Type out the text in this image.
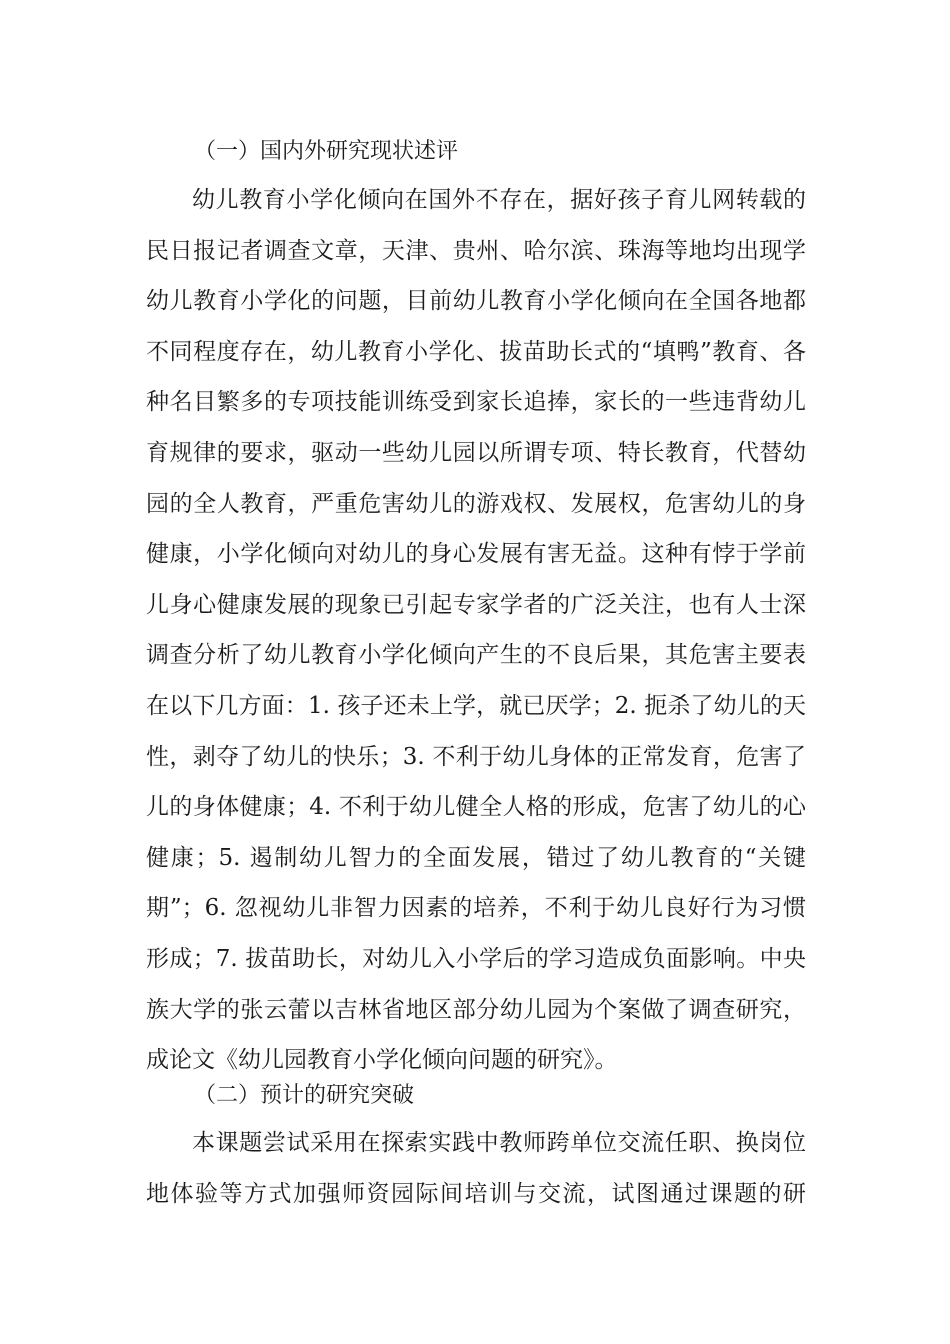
（一）国内外研究现状述评
幼儿教育小学化倾向在国外不存在，据好孩子育儿网转载的
民日报记者调查文章，天津、贵州、哈尔滨、珠海等地均出现学
幼儿教育小学化的问题，目前幼儿教育小学化倾向在全国各地都
不同程度存在，幼儿教育小学化、拔苗助长式的“填鸭”教育、各
种名目繁多的专项技能训练受到家长追捧，家长的一些违背幼儿
育规律的要求，驱动一些幼儿园以所谓专项、特长教育，代替幼
园的全人教育，严重危害幼儿的游戏权、发展权，危害幼儿的身
健康，小学化倾向对幼儿的身心发展有害无益。这种有悖于学前
儿身心健康发展的现象已引起专家学者的广泛关注，也有人士深
调查分析了幼儿教育小学化倾向产生的不良后果，其危害主要表
在以下几方面：1. 孩子还未上学，就已厌学；2. 扼杀了幼儿的天
性，剥夺了幼儿的快乐；3. 不利于幼儿身体的正常发育，危害了
儿的身体健康；4. 不利于幼儿健全人格的形成，危害了幼儿的心
健康；5. 遏制幼儿智力的全面发展，错过了幼儿教育的“关键
期”；6. 忽视幼儿非智力因素的培养，不利于幼儿良好行为习惯
形成；7. 拔苗助长，对幼儿入小学后的学习造成负面影响。中央
族大学的张云蕾以吉林省地区部分幼儿园为个案做了调查研究，
成论文《幼儿园教育小学化倾向问题的研究》。
（二）预计的研究突破
本课题尝试采用在探索实践中教师跨单位交流任职、换岗位
地体验等方式加强师资园际间培训与交流，试图通过课题的研
